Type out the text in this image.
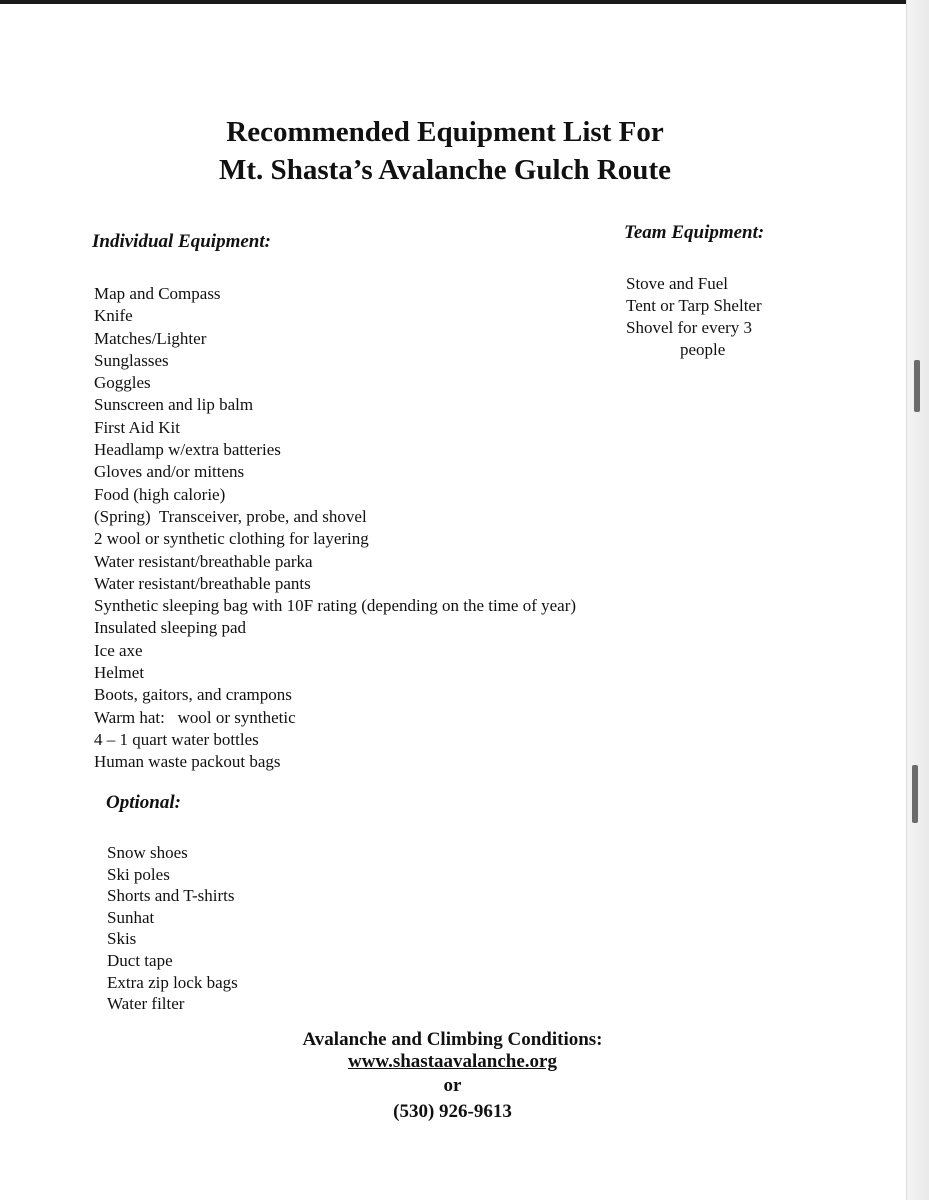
Recommended Equipment List For
Mt. Shasta’s Avalanche Gulch Route
Individual Equipment:
Map and Compass
Knife
Matches/Lighter
Sunglasses
Goggles
Sunscreen and lip balm
First Aid Kit
Headlamp w/extra batteries
Gloves and/or mittens
Food (high calorie)
(Spring)  Transceiver, probe, and shovel
2 wool or synthetic clothing for layering
Water resistant/breathable parka
Water resistant/breathable pants
Synthetic sleeping bag with 10F rating (depending on the time of year)
Insulated sleeping pad
Ice axe
Helmet
Boots, gaitors, and crampons
Warm hat:   wool or synthetic
4 – 1 quart water bottles
Human waste packout bags
Team Equipment:
Stove and Fuel
Tent or Tarp Shelter
Shovel for every 3
people
Optional:
Snow shoes
Ski poles
Shorts and T-shirts
Sunhat
Skis
Duct tape
Extra zip lock bags
Water filter
Avalanche and Climbing Conditions:
www.shastaavalanche.org
or
(530) 926-9613
